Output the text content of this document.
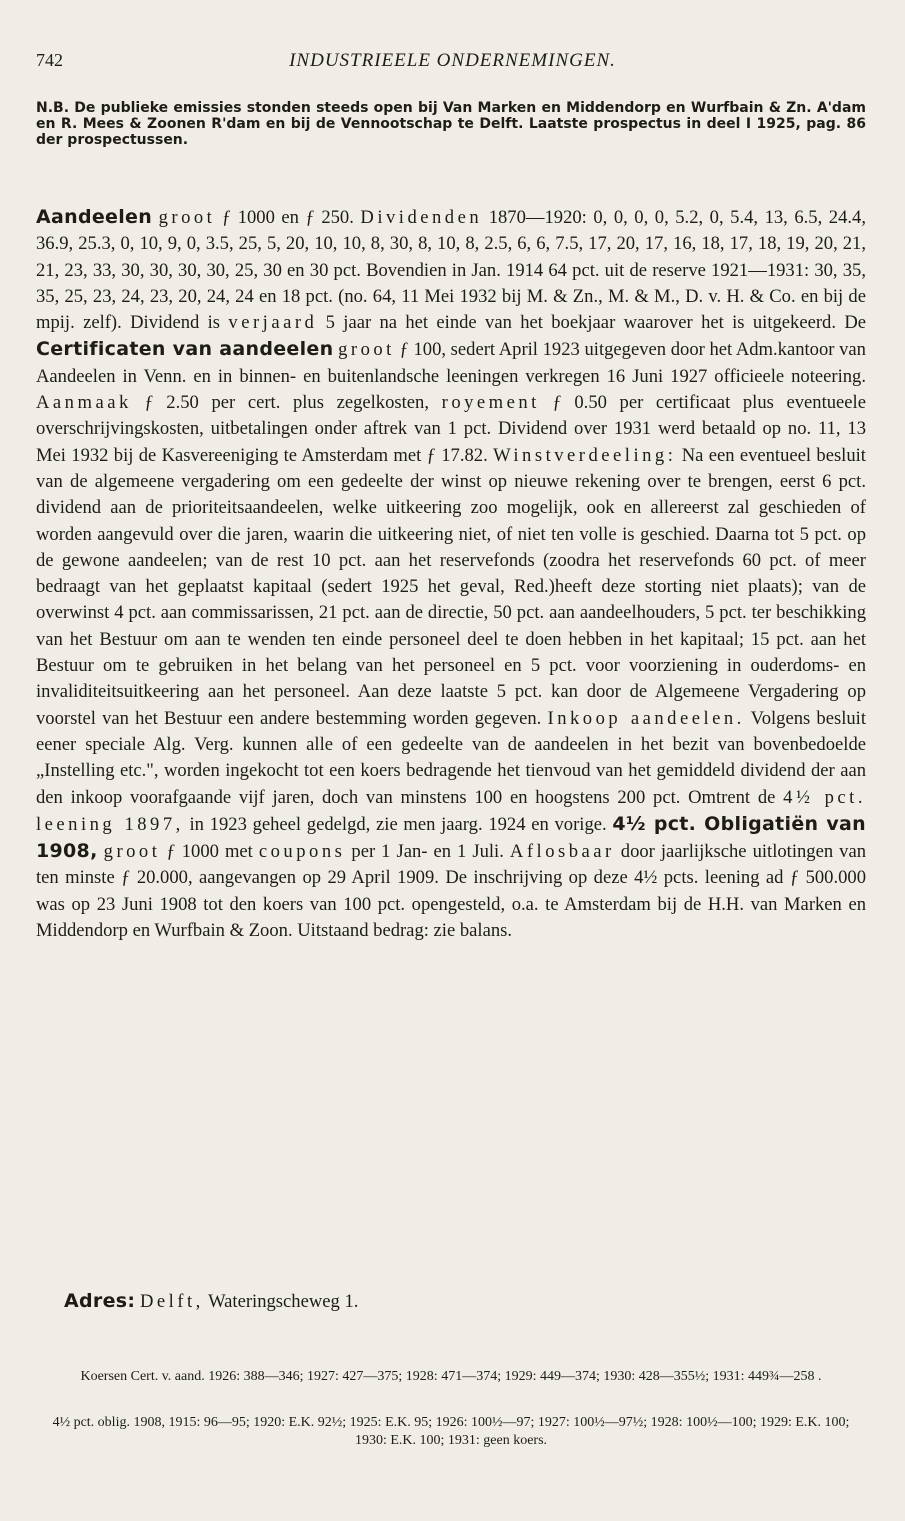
742	INDUSTRIEELE ONDERNEMINGEN.

N.B. De publieke emissies stonden steeds open bij Van Marken en Middendorp en Wurfbain & Zn. A'dam en R. Mees & Zoonen R'dam en bij de Vennootschap te Delft. Laatste prospectus in deel I 1925, pag. 86 der prospectussen.

Aandeelen groot ƒ 1000 en ƒ 250. Dividenden 1870—1920: 0, 0, 0, 0, 5.2, 0, 5.4, 13, 6.5, 24.4, 36.9, 25.3, 0, 10, 9, 0, 3.5, 25, 5, 20, 10, 10, 8, 30, 8, 10, 8, 2.5, 6, 6, 7.5, 17, 20, 17, 16, 18, 17, 18, 19, 20, 21, 21, 23, 33, 30, 30, 30, 30, 25, 30 en 30 pct. Bovendien in Jan. 1914 64 pct. uit de reserve 1921—1931: 30, 35, 35, 25, 23, 24, 23, 20, 24, 24 en 18 pct. (no. 64, 11 Mei 1932 bij M. & Zn., M. & M., D. v. H. & Co. en bij de mpij. zelf). Dividend is verjaard 5 jaar na het einde van het boekjaar waarover het is uitgekeerd. De Certificaten van aandeelen groot ƒ 100, sedert April 1923 uitgegeven door het Adm.kantoor van Aandeelen in Venn. en in binnen- en buitenlandsche leeningen verkregen 16 Juni 1927 officieele noteering. Aanmaak ƒ 2.50 per cert. plus zegelkosten, royement ƒ 0.50 per certificaat plus eventueele overschrijvingskosten, uitbetalingen onder aftrek van 1 pct. Dividend over 1931 werd betaald op no. 11, 13 Mei 1932 bij de Kasvereeniging te Amsterdam met ƒ 17.82. Winstverdeeling: Na een eventueel besluit van de algemeene vergadering om een gedeelte der winst op nieuwe rekening over te brengen, eerst 6 pct. dividend aan de prioriteitsaandeelen, welke uitkeering zoo mogelijk, ook en allereerst zal geschieden of worden aangevuld over die jaren, waarin die uitkeering niet, of niet ten volle is geschied. Daarna tot 5 pct. op de gewone aandeelen; van de rest 10 pct. aan het reservefonds (zoodra het reservefonds 60 pct. of meer bedraagt van het geplaatst kapitaal (sedert 1925 het geval, Red.)heeft deze storting niet plaats); van de overwinst 4 pct. aan commissarissen, 21 pct. aan de directie, 50 pct. aan aandeelhouders, 5 pct. ter beschikking van het Bestuur om aan te wenden ten einde personeel deel te doen hebben in het kapitaal; 15 pct. aan het Bestuur om te gebruiken in het belang van het personeel en 5 pct. voor voorziening in ouderdoms- en invaliditeitsuitkeering aan het personeel. Aan deze laatste 5 pct. kan door de Algemeene Vergadering op voorstel van het Bestuur een andere bestemming worden gegeven. Inkoop aandeelen. Volgens besluit eener speciale Alg. Verg. kunnen alle of een gedeelte van de aandeelen in het bezit van bovenbedoelde „Instelling etc.", worden ingekocht tot een koers bedragende het tienvoud van het gemiddeld dividend der aan den inkoop voorafgaande vijf jaren, doch van minstens 100 en hoogstens 200 pct. Omtrent de 4½ pct. leening 1897, in 1923 geheel gedelgd, zie men jaarg. 1924 en vorige. 4½ pct. Obligatiën van 1908, groot ƒ 1000 met coupons per 1 Jan- en 1 Juli. Aflosbaar door jaarlijksche uitlotingen van ten minste ƒ 20.000, aangevangen op 29 April 1909. De inschrijving op deze 4½ pcts. leening ad ƒ 500.000 was op 23 Juni 1908 tot den koers van 100 pct. opengesteld, o.a. te Amsterdam bij de H.H. van Marken en Middendorp en Wurfbain & Zoon. Uitstaand bedrag: zie balans.

Adres: Delft, Wateringscheweg 1.

Koersen Cert. v. aand. 1926: 388—346; 1927: 427—375; 1928: 471—374; 1929: 449—374; 1930: 428—355½; 1931: 449¾—258 .

4½ pct. oblig. 1908, 1915: 96—95; 1920: E.K. 92½; 1925: E.K. 95; 1926: 100½—97; 1927: 100½—97½; 1928: 100½—100; 1929: E.K. 100; 1930: E.K. 100; 1931: geen koers.
